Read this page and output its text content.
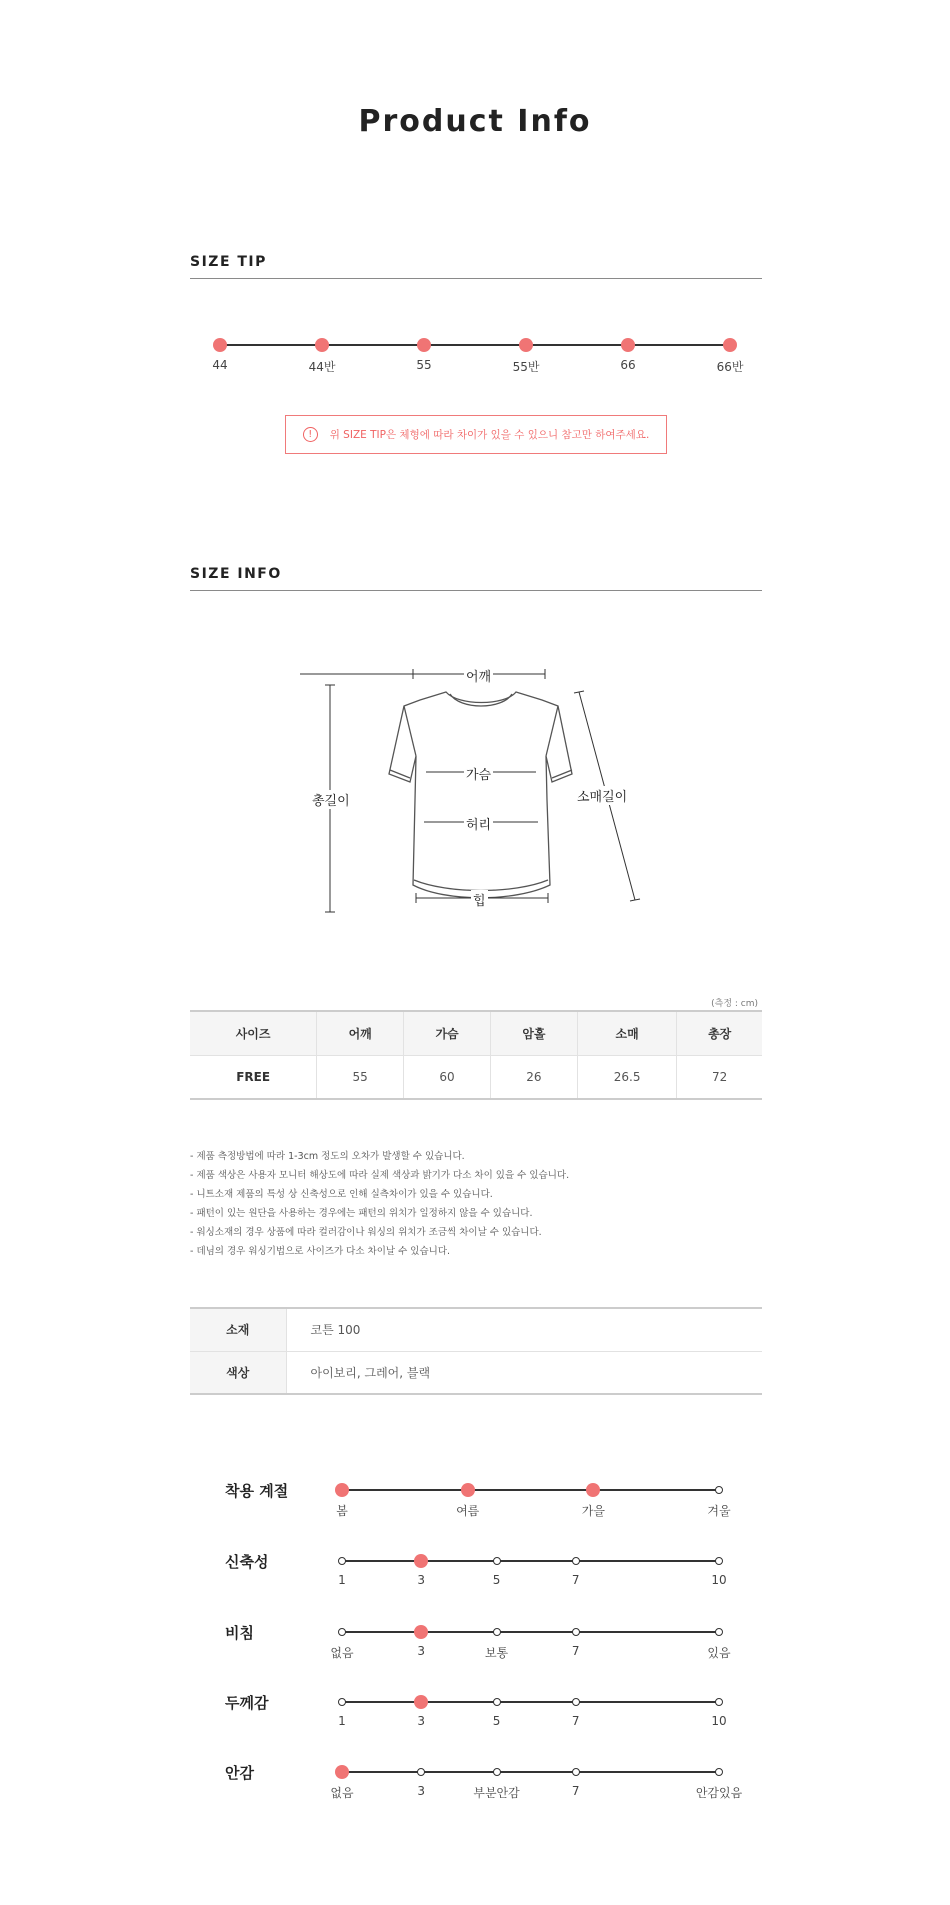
Product Info
SIZE TIP
44	44반	55	55반	66	66반
!	위 SIZE TIP은 체형에 따라 차이가 있을 수 있으니 참고만 하여주세요.
SIZE INFO
어깨
가슴
허리
힙
총길이	소매길이
(측정 : cm)
사이즈	어깨	가슴	암홀	소매	총장
FREE	55	60	26	26.5	72
- 제품 측정방법에 따라 1-3cm 정도의 오차가 발생할 수 있습니다.
- 제품 색상은 사용자 모니터 해상도에 따라 실제 색상과 밝기가 다소 차이 있을 수 있습니다.
- 니트소재 제품의 특성 상 신축성으로 인해 실측차이가 있을 수 있습니다.
- 패턴이 있는 원단을 사용하는 경우에는 패턴의 위치가 일정하지 않을 수 있습니다.
- 워싱소재의 경우 상품에 따라 컬러감이나 워싱의 위치가 조금씩 차이날 수 있습니다.
- 데님의 경우 워싱기법으로 사이즈가 다소 차이날 수 있습니다.
소재	코튼 100
색상	아이보리, 그레어, 블랙
착용 계절
봄	여름	가을	겨울
신축성
1	3	5	7	10
비침
없음	3	보통	7	있음
두께감
1	3	5	7	10
안감
없음	3	부분안감	7	안감있음
